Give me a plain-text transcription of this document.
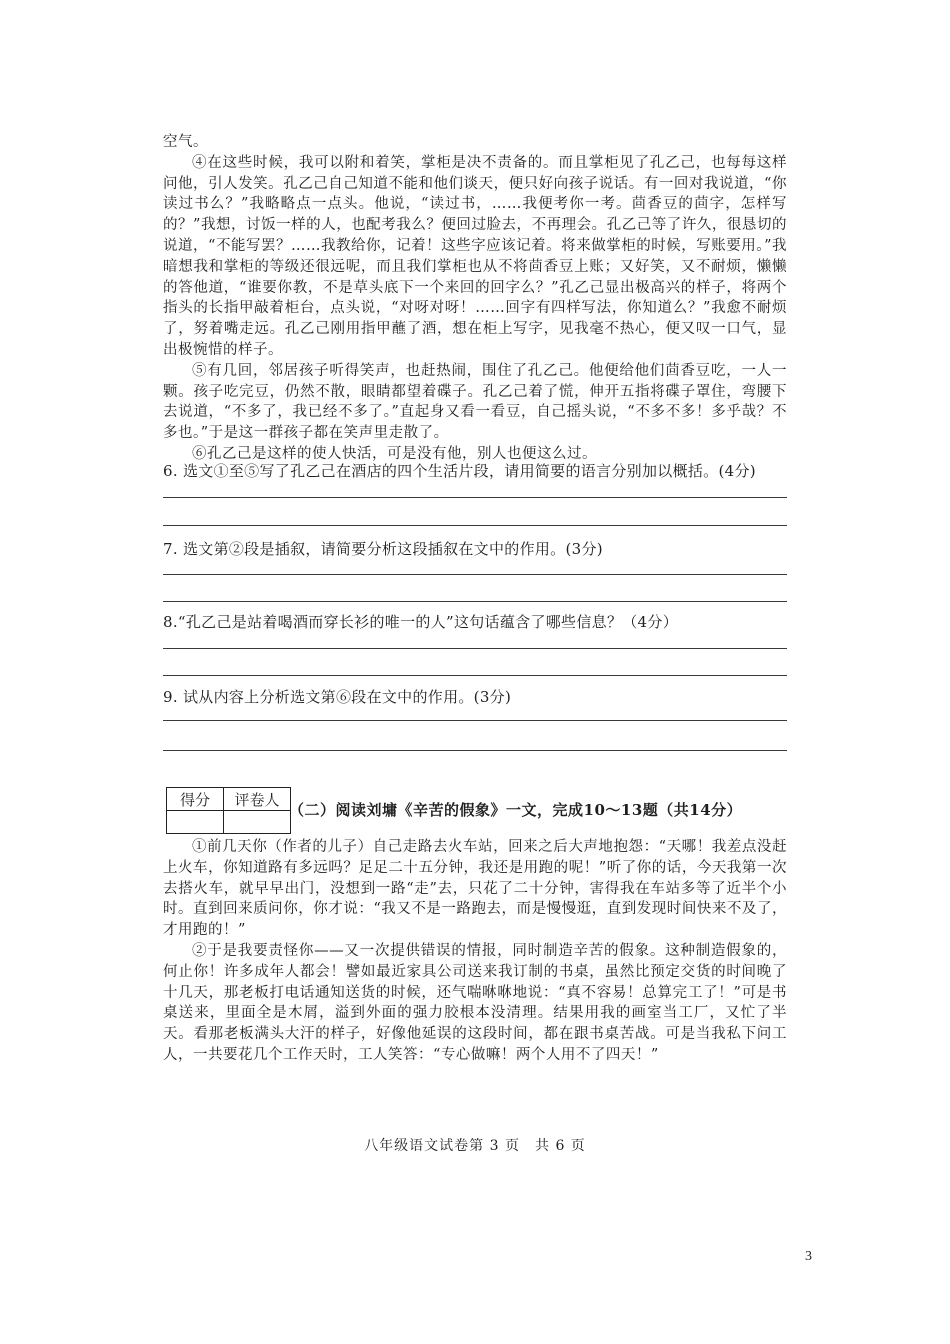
空气。

④在这些时候，我可以附和着笑，掌柜是决不责备的。而且掌柜见了孔乙己，也每每这样问他，引人发笑。孔乙己自己知道不能和他们谈天，便只好向孩子说话。有一回对我说道，“你读过书么？”我略略点一点头。他说，“读过书，……我便考你一考。茴香豆的茴字，怎样写的？”我想，讨饭一样的人，也配考我么？便回过脸去，不再理会。孔乙己等了许久，很恳切的说道，“不能写罢？……我教给你，记着！这些字应该记着。将来做掌柜的时候，写账要用。”我暗想我和掌柜的等级还很远呢，而且我们掌柜也从不将茴香豆上账；又好笑，又不耐烦，懒懒的答他道，“谁要你教，不是草头底下一个来回的回字么？”孔乙己显出极高兴的样子，将两个指头的长指甲敲着柜台，点头说，“对呀对呀！……回字有四样写法，你知道么？”我愈不耐烦了，努着嘴走远。孔乙己刚用指甲蘸了酒，想在柜上写字，见我毫不热心，便又叹一口气，显出极惋惜的样子。

⑤有几回，邻居孩子听得笑声，也赶热闹，围住了孔乙己。他便给他们茴香豆吃，一人一颗。孩子吃完豆，仍然不散，眼睛都望着碟子。孔乙己着了慌，伸开五指将碟子罩住，弯腰下去说道，“不多了，我已经不多了。”直起身又看一看豆，自己摇头说，“不多不多！多乎哉？不多也。”于是这一群孩子都在笑声里走散了。

⑥孔乙己是这样的使人快活，可是没有他，别人也便这么过。

6. 选文①至⑤写了孔乙己在酒店的四个生活片段，请用简要的语言分别加以概括。(4分)
7. 选文第②段是插叙，请简要分析这段插叙在文中的作用。(3分)
8.“孔乙己是站着喝酒而穿长衫的唯一的人”这句话蕴含了哪些信息？（4分）
9. 试从内容上分析选文第⑥段在文中的作用。(3分)
得分	评卷人

（二）阅读刘墉《辛苦的假象》一文，完成10～13题（共14分）

①前几天你（作者的儿子）自己走路去火车站，回来之后大声地抱怨：“天哪！我差点没赶上火车，你知道路有多远吗？足足二十五分钟，我还是用跑的呢！”听了你的话，今天我第一次去搭火车，就早早出门，没想到一路“走”去，只花了二十分钟，害得我在车站多等了近半个小时。直到回来质问你，你才说：“我又不是一路跑去，而是慢慢逛，直到发现时间快来不及了，才用跑的！”

②于是我要责怪你——又一次提供错误的情报，同时制造辛苦的假象。这种制造假象的，何止你！许多成年人都会！譬如最近家具公司送来我订制的书桌，虽然比预定交货的时间晚了十几天，那老板打电话通知送货的时候，还气喘咻咻地说：“真不容易！总算完工了！”可是书桌送来，里面全是木屑，溢到外面的强力胶根本没清理。结果用我的画室当工厂，又忙了半天。看那老板满头大汗的样子，好像他延误的这段时间，都在跟书桌苦战。可是当我私下问工人，一共要花几个工作天时，工人笑答：“专心做嘛！两个人用不了四天！”

八年级语文试卷第 3 页　共 6 页
3
